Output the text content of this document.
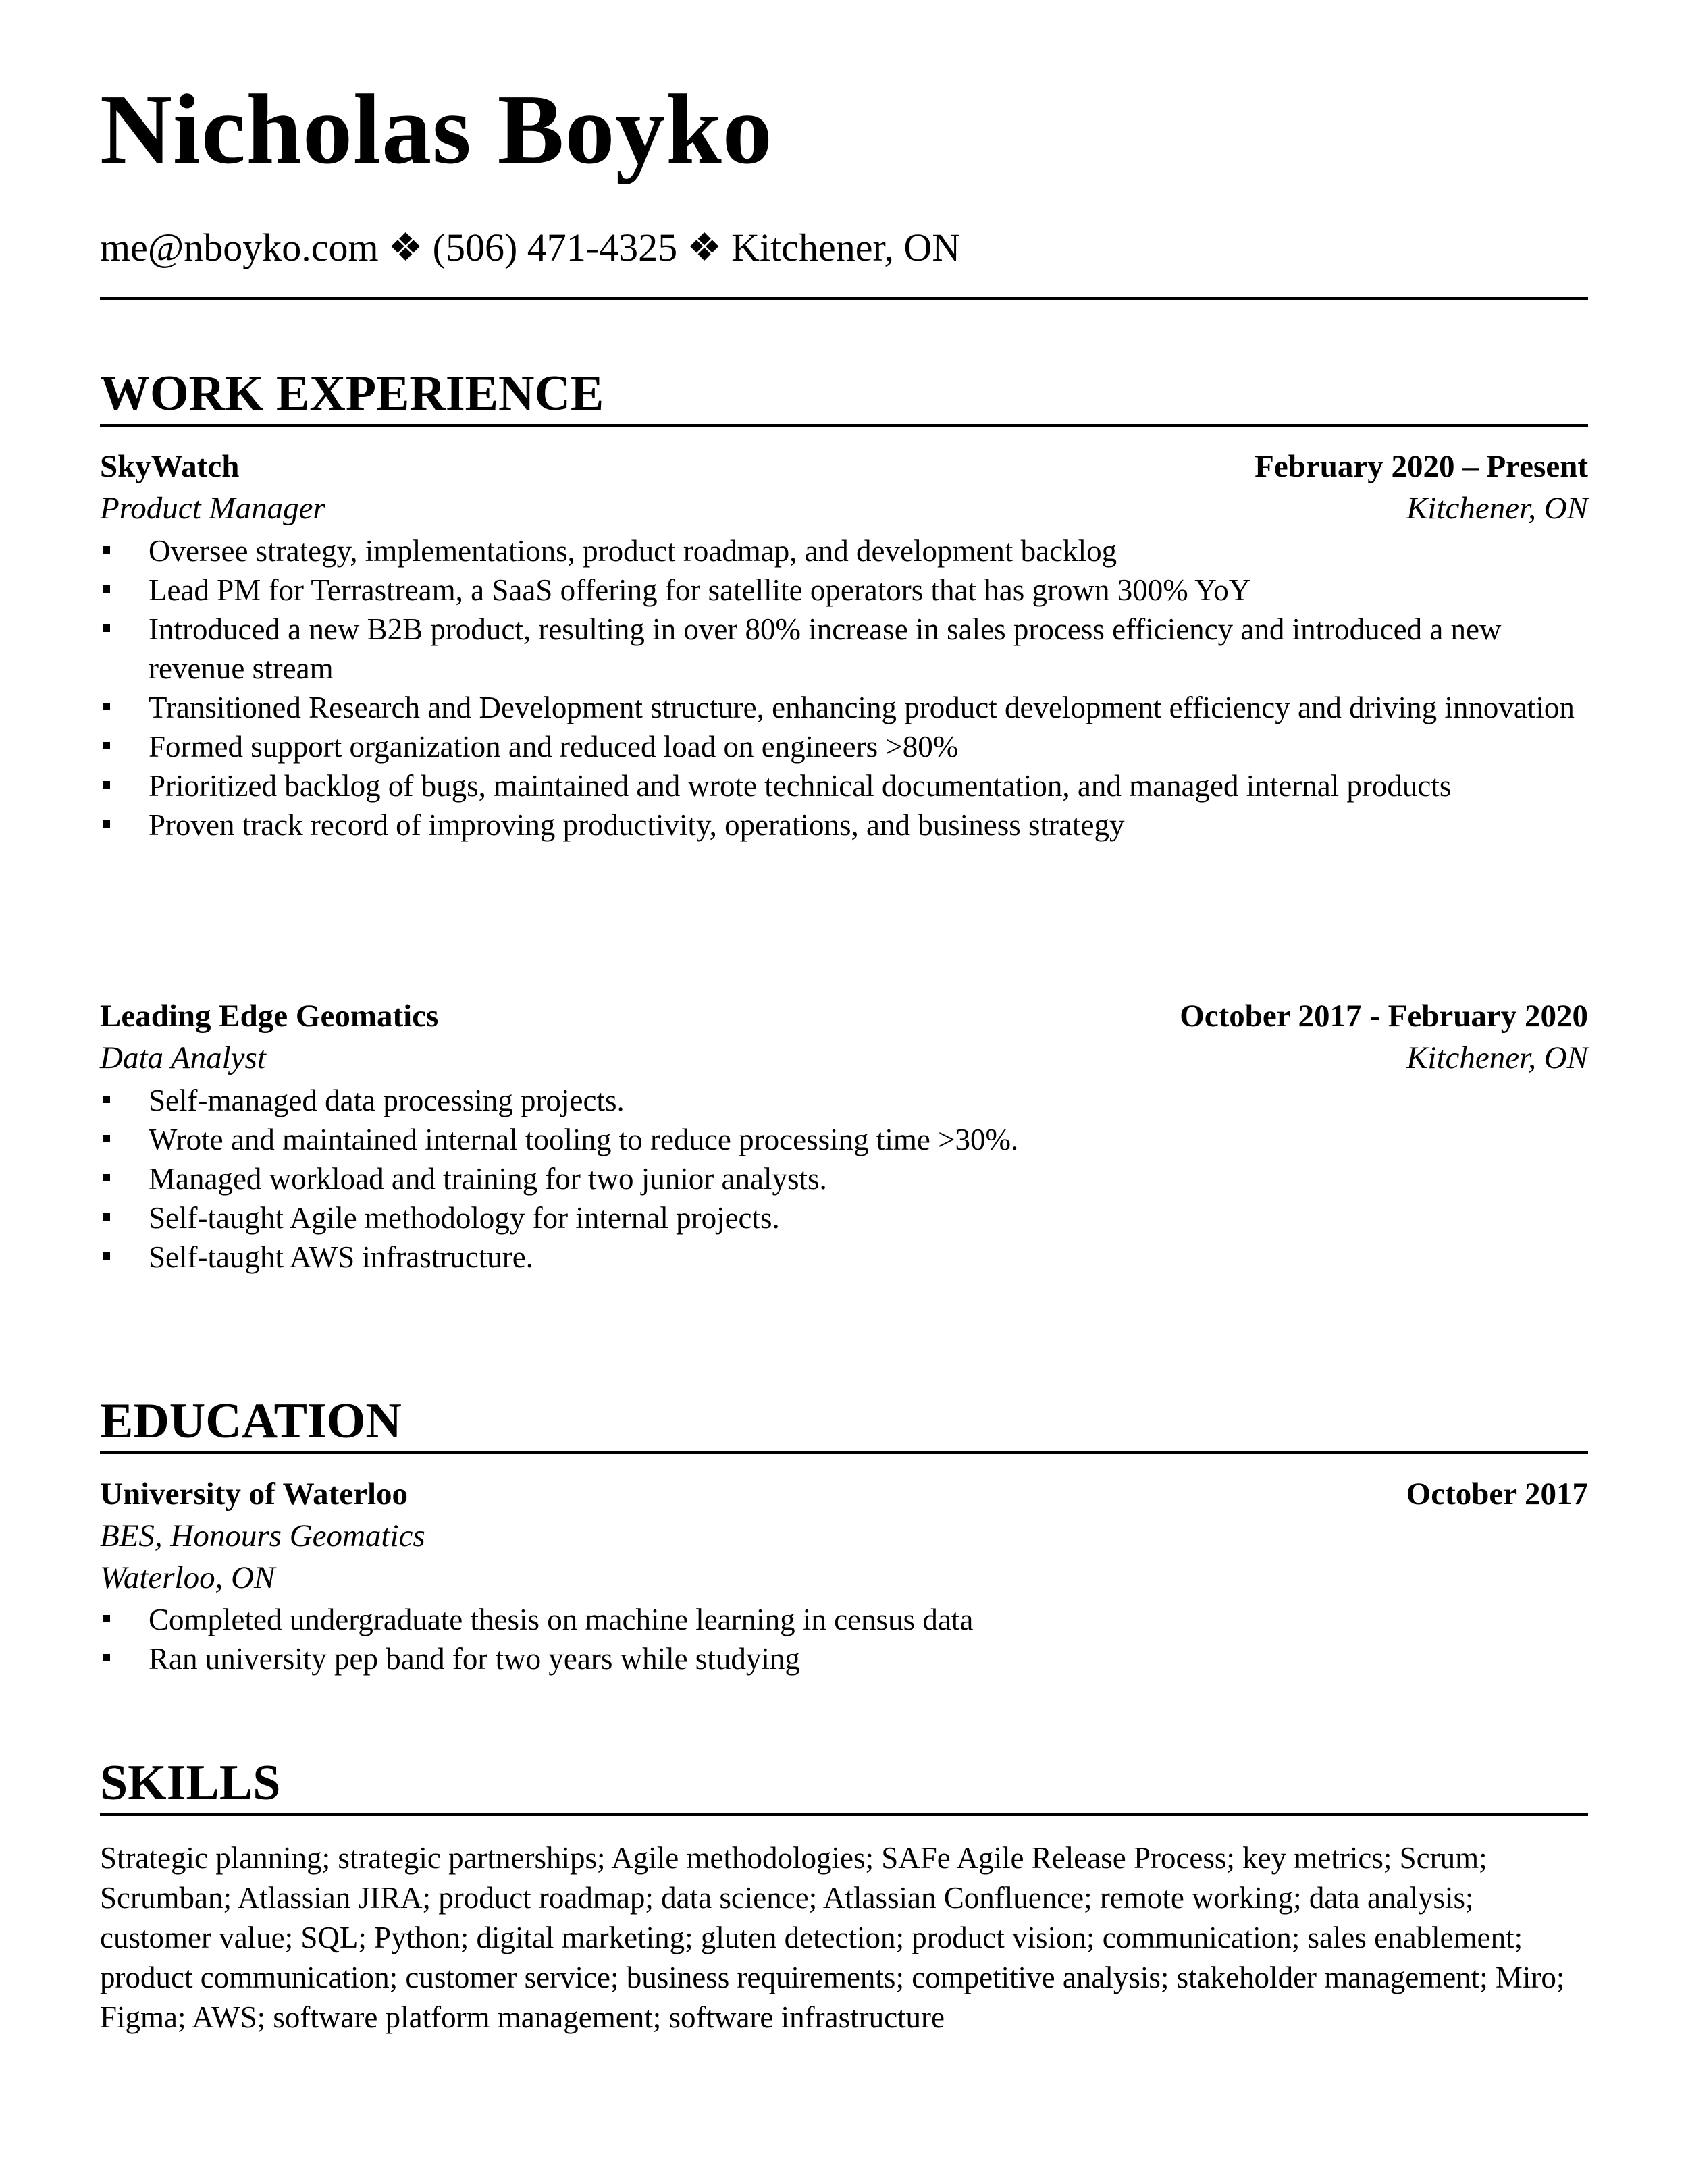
Nicholas Boyko
me@nboyko.com ❖ (506) 471-4325 ❖ Kitchener, ON
WORK EXPERIENCE
SkyWatch	February 2020 – Present
Product Manager	Kitchener, ON
Oversee strategy, implementations, product roadmap, and development backlog
Lead PM for Terrastream, a SaaS offering for satellite operators that has grown 300% YoY
Introduced a new B2B product, resulting in over 80% increase in sales process efficiency and introduced a new revenue stream
Transitioned Research and Development structure, enhancing product development efficiency and driving innovation
Formed support organization and reduced load on engineers >80%
Prioritized backlog of bugs, maintained and wrote technical documentation, and managed internal products
Proven track record of improving productivity, operations, and business strategy
Leading Edge Geomatics	October 2017 - February 2020
Data Analyst	Kitchener, ON
Self-managed data processing projects.
Wrote and maintained internal tooling to reduce processing time >30%.
Managed workload and training for two junior analysts.
Self-taught Agile methodology for internal projects.
Self-taught AWS infrastructure.
EDUCATION
University of Waterloo	October 2017
BES, Honours Geomatics
Waterloo, ON
Completed undergraduate thesis on machine learning in census data
Ran university pep band for two years while studying
SKILLS

Strategic planning; strategic partnerships; Agile methodologies; SAFe Agile Release Process; key metrics; Scrum; Scrumban; Atlassian JIRA; product roadmap; data science; Atlassian Confluence; remote working; data analysis; customer value; SQL; Python; digital marketing; gluten detection; product vision; communication; sales enablement; product communication; customer service; business requirements; competitive analysis; stakeholder management; Miro; Figma; AWS; software platform management; software infrastructure
